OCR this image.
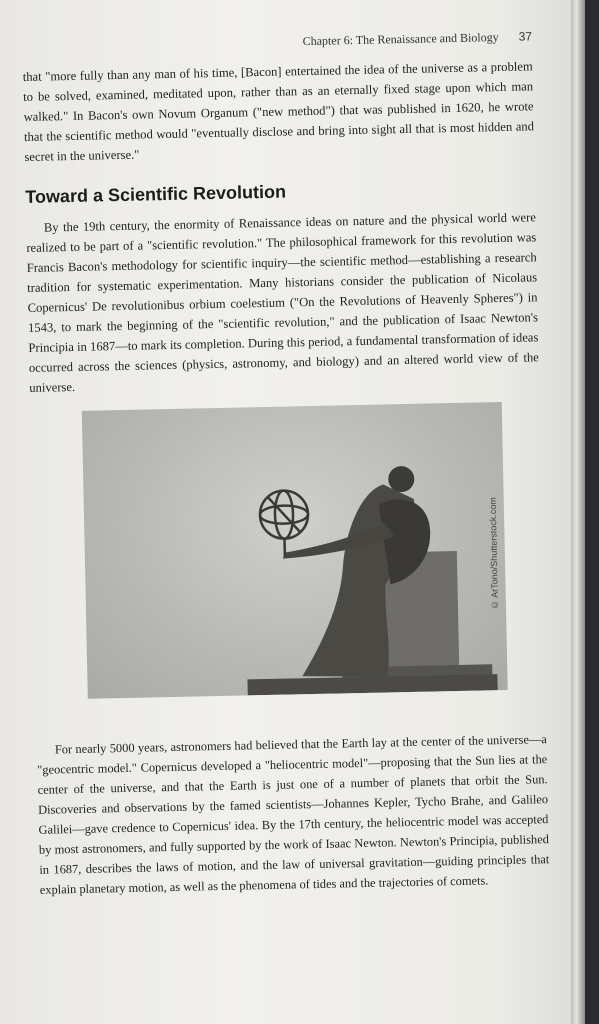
Chapter 6: The Renaissance and Biology 37

that "more fully than any man of his time, [Bacon] entertained the idea of the universe as a problem to be solved, examined, meditated upon, rather than as an eternally fixed stage upon which man walked." In Bacon's own Novum Organum ("new method") that was published in 1620, he wrote that the scientific method would "eventually disclose and bring into sight all that is most hidden and secret in the universe."

Toward a Scientific Revolution

By the 19th century, the enormity of Renaissance ideas on nature and the physical world were realized to be part of a "scientific revolution." The philosophical framework for this revolution was Francis Bacon's methodology for scientific inquiry—the scientific method—establishing a research tradition for systematic experimentation. Many historians consider the publication of Nicolaus Copernicus' De revolutionibus orbium coelestium ("On the Revolutions of Heavenly Spheres") in 1543, to mark the beginning of the "scientific revolution," and the publication of Isaac Newton's Principia in 1687—to mark its completion. During this period, a fundamental transformation of ideas occurred across the sciences (physics, astronomy, and biology) and an altered world view of the universe.

© ArTono/Shutterstock.com

For nearly 5000 years, astronomers had believed that the Earth lay at the center of the universe—a "geocentric model." Copernicus developed a "heliocentric model"—proposing that the Sun lies at the center of the universe, and that the Earth is just one of a number of planets that orbit the Sun. Discoveries and observations by the famed scientists—Johannes Kepler, Tycho Brahe, and Galileo Galilei—gave credence to Copernicus' idea. By the 17th century, the heliocentric model was accepted by most astronomers, and fully supported by the work of Isaac Newton. Newton's Principia, published in 1687, describes the laws of motion, and the law of universal gravitation—guiding principles that explain planetary motion, as well as the phenomena of tides and the trajectories of comets.
